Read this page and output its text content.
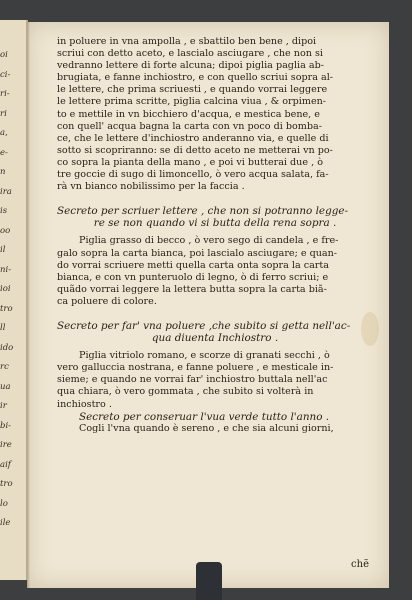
oi
ci-
ri-
ri
a,
e-
n
ira
is
oo
il
ni-
ioi
tro
ll
ido
rc
ua
ir
bi-
ire
aif
tro
lo
ile
in poluere in vna ampolla , e sbattilo ben bene , dipoi
scriui con detto aceto, e lascialo asciugare , che non si
vedranno lettere di forte alcuna; dipoi piglia paglia ab-
brugiata, e fanne inchiostro, e con quello scriui sopra al-
le lettere, che prima scriuesti , e quando vorrai leggere
le lettere prima scritte, piglia calcina viua , & orpimen-
to e mettile in vn bicchiero d'acqua, e mestica bene, e
con quell' acqua bagna la carta con vn poco di bomba-
ce, che le lettere d'inchiostro anderanno via, e quelle di
sotto si scopriranno: se di detto aceto ne metterai vn po-
co sopra la pianta della mano , e poi vi butterai due , ò
tre goccie di sugo di limoncello, ò vero acqua salata, fa-
rà vn bianco nobilissimo per la faccia .
Secreto per scriuer lettere , che non si potranno legge-
re se non quando vi si butta della rena sopra .
Piglia grasso di becco , ò vero sego di candela , e fre-
galo sopra la carta bianca, poi lascialo asciugare; e quan-
do vorrai scriuere metti quella carta onta sopra la carta
bianca, e con vn punteruolo di legno, ò di ferro scriui; e
quãdo vorrai leggere la lettera butta sopra la carta biã-
ca poluere di colore.
Secreto per far' vna poluere ,che subito si getta nell'ac-
qua diuenta Inchiostro .
Piglia vitriolo romano, e scorze di granati secchi , ò
vero galluccia nostrana, e fanne poluere , e mesticale in-
sieme; e quando ne vorrai far' inchiostro buttala nell'ac
qua chiara, ò vero gommata , che subito si volterà in
inchiostro .
Secreto per conseruar l'vua verde tutto l'anno .
Cogli l'vna quando è sereno , e che sia alcuni giorni,
chẽ
